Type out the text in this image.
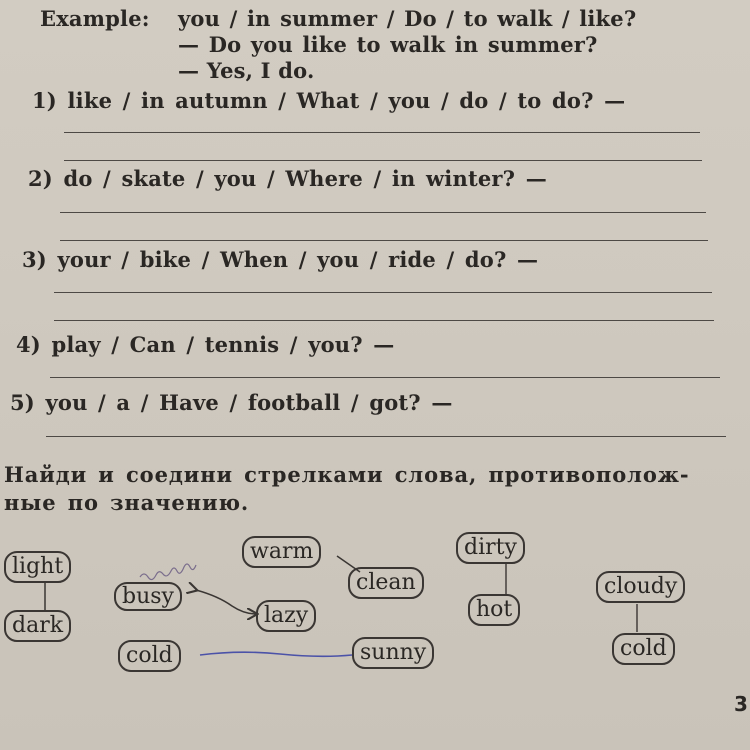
Example: you / in summer / Do / to walk / like?
— Do you like to walk in summer?
— Yes, I do.
1) like / in autumn / What / you / do / to do? —
2) do / skate / you / Where / in winter? —
3) your / bike / When / you / ride / do? —
4) play / Can / tennis / you? —
5) you / a / Have / football / got? —
Найди и соедини стрелками слова, противополож-
ные по значению.
light
dark
busy
warm
clean
lazy
cold	sunny
dirty
hot
cloudy
cold
3
